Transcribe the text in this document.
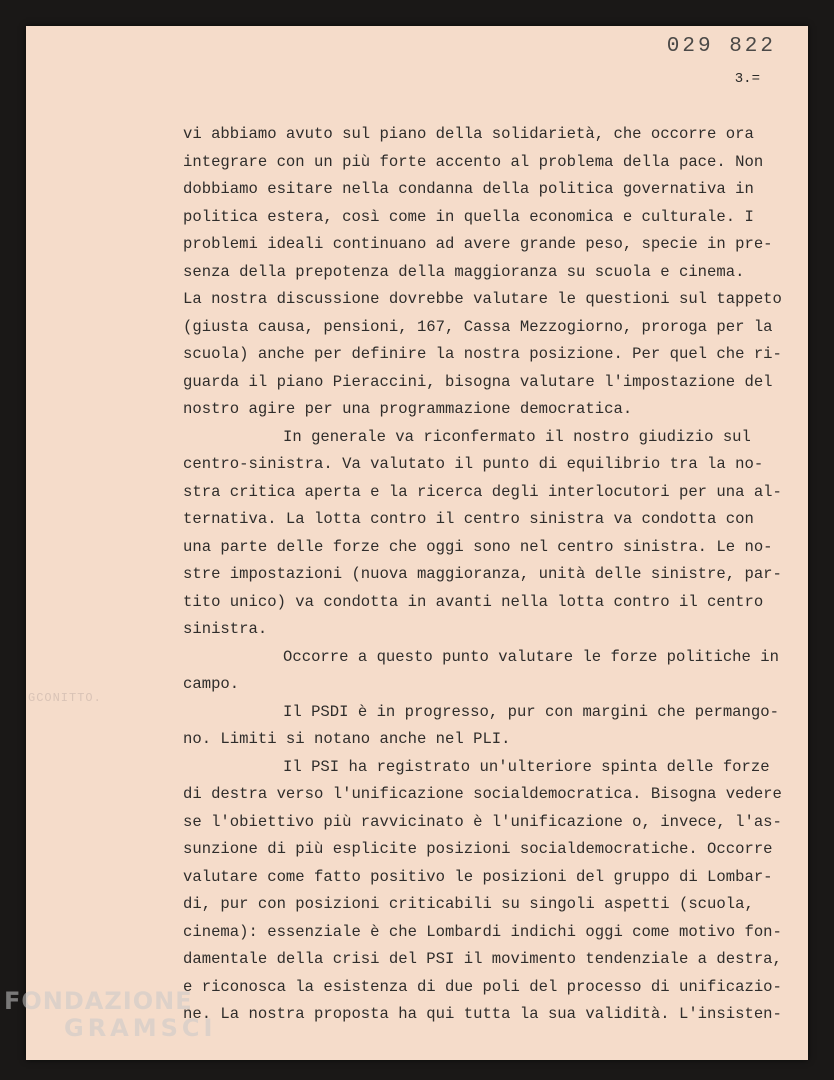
029 822
3.=
GCONITTO.
vi abbiamo avuto sul piano della solidarietà, che occorre ora
integrare con un più forte accento al problema della pace. Non
dobbiamo esitare nella condanna della politica governativa in
politica estera, così come in quella economica e culturale. I
problemi ideali continuano ad avere grande peso, specie in pre-
senza della prepotenza della maggioranza su scuola e cinema.
La nostra discussione dovrebbe valutare le questioni sul tappeto
(giusta causa, pensioni, 167, Cassa Mezzogiorno, proroga per la
scuola) anche per definire la nostra posizione. Per quel che ri-
guarda il piano Pieraccini, bisogna valutare l'impostazione del
nostro agire per una programmazione democratica.
In generale va riconfermato il nostro giudizio sul
centro-sinistra. Va valutato il punto di equilibrio tra la no-
stra critica aperta e la ricerca degli interlocutori per una al-
ternativa. La lotta contro il centro sinistra va condotta con
una parte delle forze che oggi sono nel centro sinistra. Le no-
stre impostazioni (nuova maggioranza, unità delle sinistre, par-
tito unico) va condotta in avanti nella lotta contro il centro
sinistra.
Occorre a questo punto valutare le forze politiche in
campo.
Il PSDI è in progresso, pur con margini che permango-
no. Limiti si notano anche nel PLI.
Il PSI ha registrato un'ulteriore spinta delle forze
di destra verso l'unificazione socialdemocratica. Bisogna vedere
se l'obiettivo più ravvicinato è l'unificazione o, invece, l'as-
sunzione di più esplicite posizioni socialdemocratiche. Occorre
valutare come fatto positivo le posizioni del gruppo di Lombar-
di, pur con posizioni criticabili su singoli aspetti (scuola,
cinema): essenziale è che Lombardi indichi oggi come motivo fon-
damentale della crisi del PSI il movimento tendenziale a destra,
e riconosca la esistenza di due poli del processo di unificazio-
ne. La nostra proposta ha qui tutta la sua validità. L'insisten-
FONDAZIONE
GRAMSCI
